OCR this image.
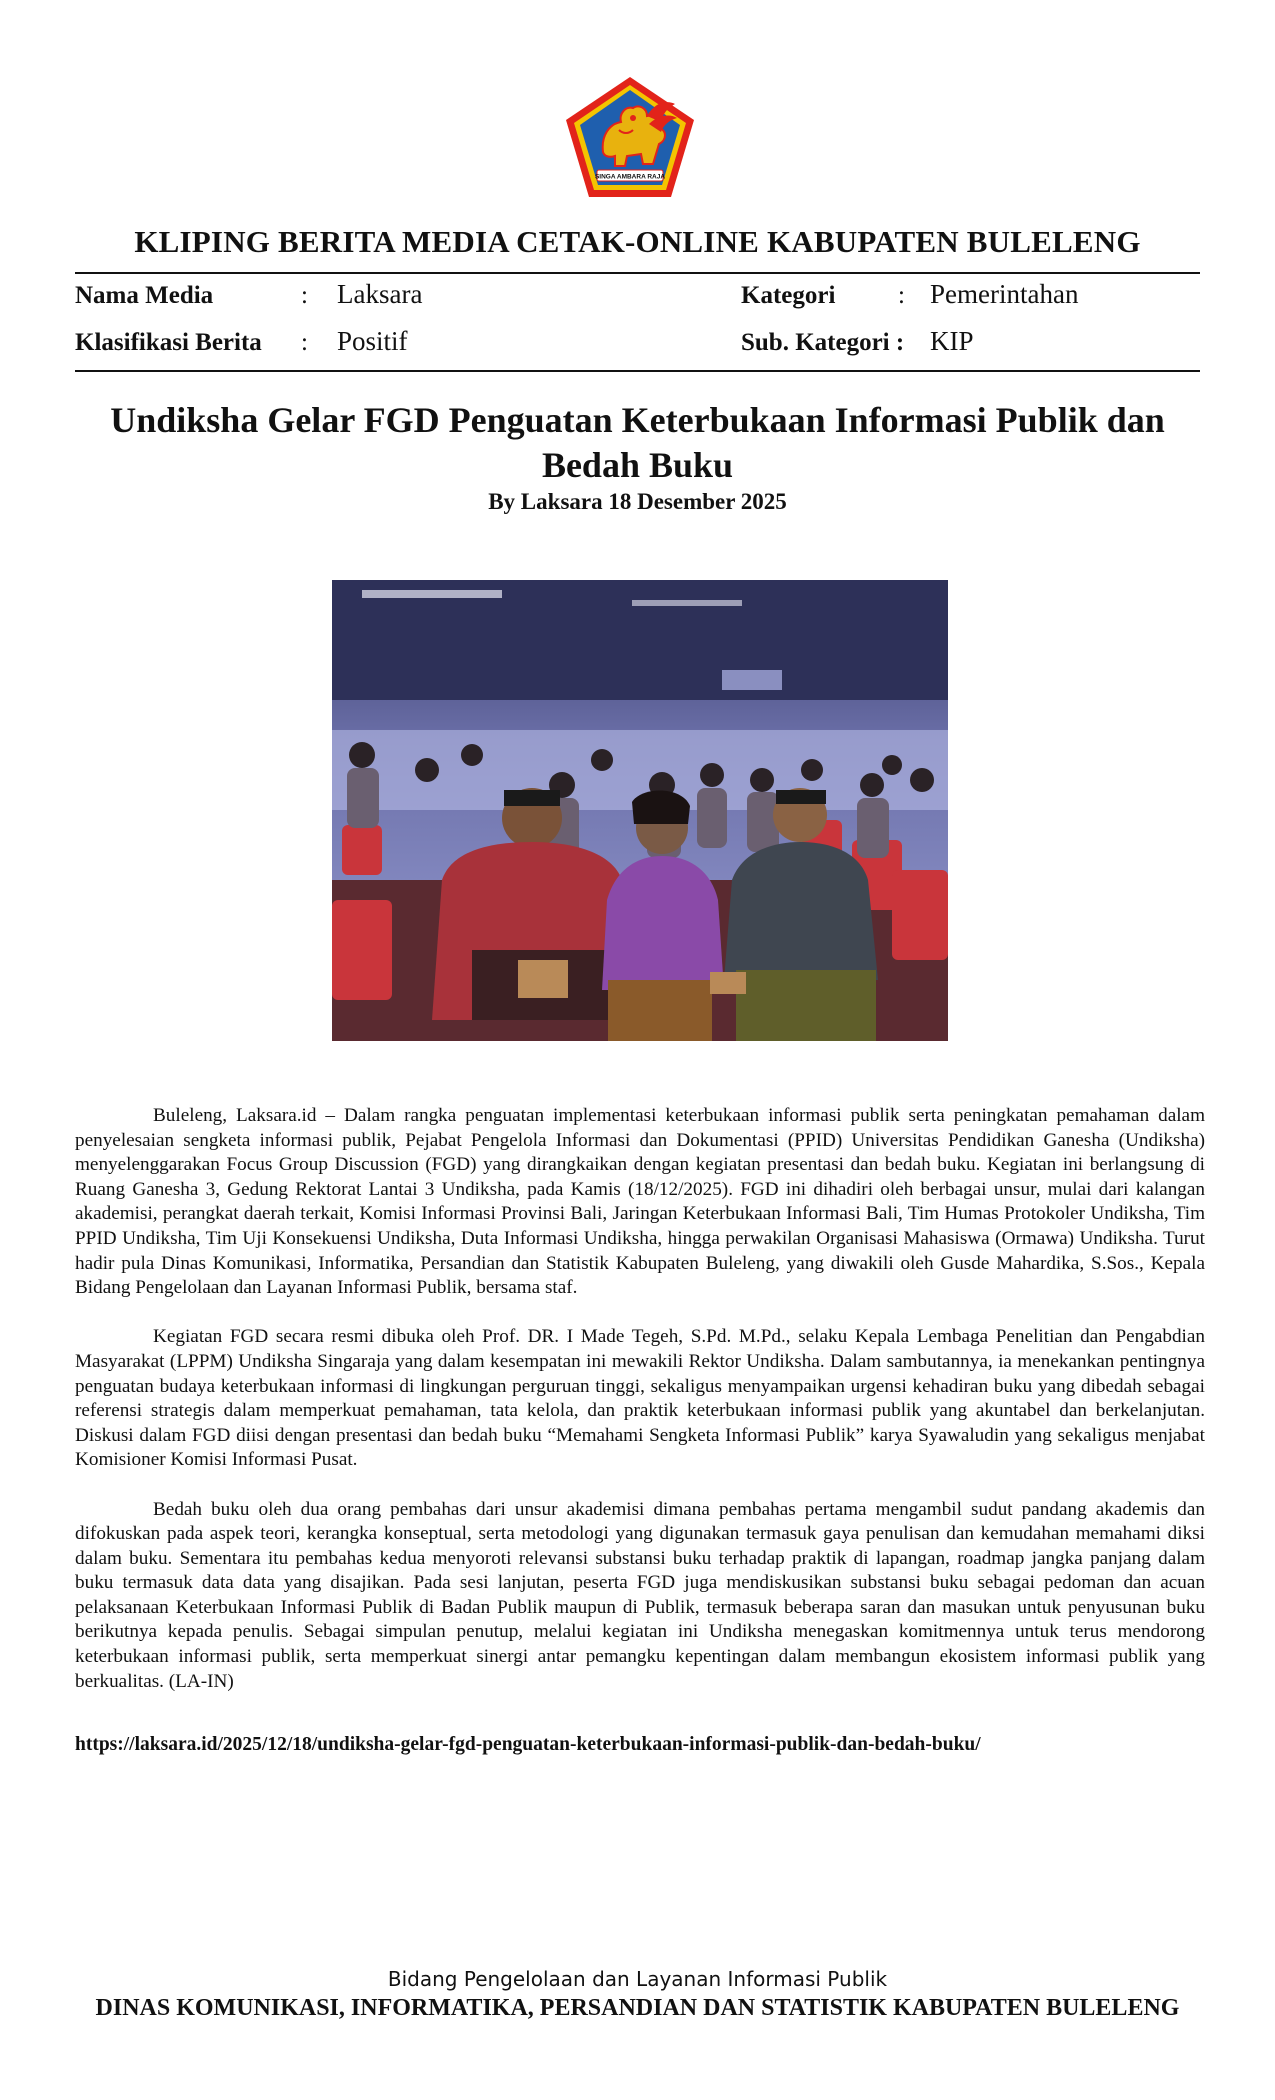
SINGA AMBARA RAJA
KLIPING BERITA MEDIA CETAK-ONLINE KABUPATEN BULELENG
Nama Media	: Laksara
Klasifikasi Berita : Positif
Kategori	: Pemerintahan
Sub. Kategori : KIP
Undiksha Gelar FGD Penguatan Keterbukaan Informasi Publik dan Bedah Buku
By Laksara 18 Desember 2025

Buleleng, Laksara.id – Dalam rangka penguatan implementasi keterbukaan informasi publik serta peningkatan pemahaman dalam penyelesaian sengketa informasi publik, Pejabat Pengelola Informasi dan Dokumentasi (PPID) Universitas Pendidikan Ganesha (Undiksha) menyelenggarakan Focus Group Discussion (FGD) yang dirangkaikan dengan kegiatan presentasi dan bedah buku. Kegiatan ini berlangsung di Ruang Ganesha 3, Gedung Rektorat Lantai 3 Undiksha, pada Kamis (18/12/2025). FGD ini dihadiri oleh berbagai unsur, mulai dari kalangan akademisi, perangkat daerah terkait, Komisi Informasi Provinsi Bali, Jaringan Keterbukaan Informasi Bali, Tim Humas Protokoler Undiksha, Tim PPID Undiksha, Tim Uji Konsekuensi Undiksha, Duta Informasi Undiksha, hingga perwakilan Organisasi Mahasiswa (Ormawa) Undiksha. Turut hadir pula Dinas Komunikasi, Informatika, Persandian dan Statistik Kabupaten Buleleng, yang diwakili oleh Gusde Mahardika, S.Sos., Kepala Bidang Pengelolaan dan Layanan Informasi Publik, bersama staf.

Kegiatan FGD secara resmi dibuka oleh Prof. DR. I Made Tegeh, S.Pd. M.Pd., selaku Kepala Lembaga Penelitian dan Pengabdian Masyarakat (LPPM) Undiksha Singaraja yang dalam kesempatan ini mewakili Rektor Undiksha. Dalam sambutannya, ia menekankan pentingnya penguatan budaya keterbukaan informasi di lingkungan perguruan tinggi, sekaligus menyampaikan urgensi kehadiran buku yang dibedah sebagai referensi strategis dalam memperkuat pemahaman, tata kelola, dan praktik keterbukaan informasi publik yang akuntabel dan berkelanjutan. Diskusi dalam FGD diisi dengan presentasi dan bedah buku “Memahami Sengketa Informasi Publik” karya Syawaludin yang sekaligus menjabat Komisioner Komisi Informasi Pusat.

Bedah buku oleh dua orang pembahas dari unsur akademisi dimana pembahas pertama mengambil sudut pandang akademis dan difokuskan pada aspek teori, kerangka konseptual, serta metodologi yang digunakan termasuk gaya penulisan dan kemudahan memahami diksi dalam buku. Sementara itu pembahas kedua menyoroti relevansi substansi buku terhadap praktik di lapangan, roadmap jangka panjang dalam buku termasuk data data yang disajikan. Pada sesi lanjutan, peserta FGD juga mendiskusikan substansi buku sebagai pedoman dan acuan pelaksanaan Keterbukaan Informasi Publik di Badan Publik maupun di Publik, termasuk beberapa saran dan masukan untuk penyusunan buku berikutnya kepada penulis. Sebagai simpulan penutup, melalui kegiatan ini Undiksha menegaskan komitmennya untuk terus mendorong keterbukaan informasi publik, serta memperkuat sinergi antar pemangku kepentingan dalam membangun ekosistem informasi publik yang berkualitas. (LA-IN)

https://laksara.id/2025/12/18/undiksha-gelar-fgd-penguatan-keterbukaan-informasi-publik-dan-bedah-buku/
Bidang Pengelolaan dan Layanan Informasi Publik
DINAS KOMUNIKASI, INFORMATIKA, PERSANDIAN DAN STATISTIK KABUPATEN BULELENG
